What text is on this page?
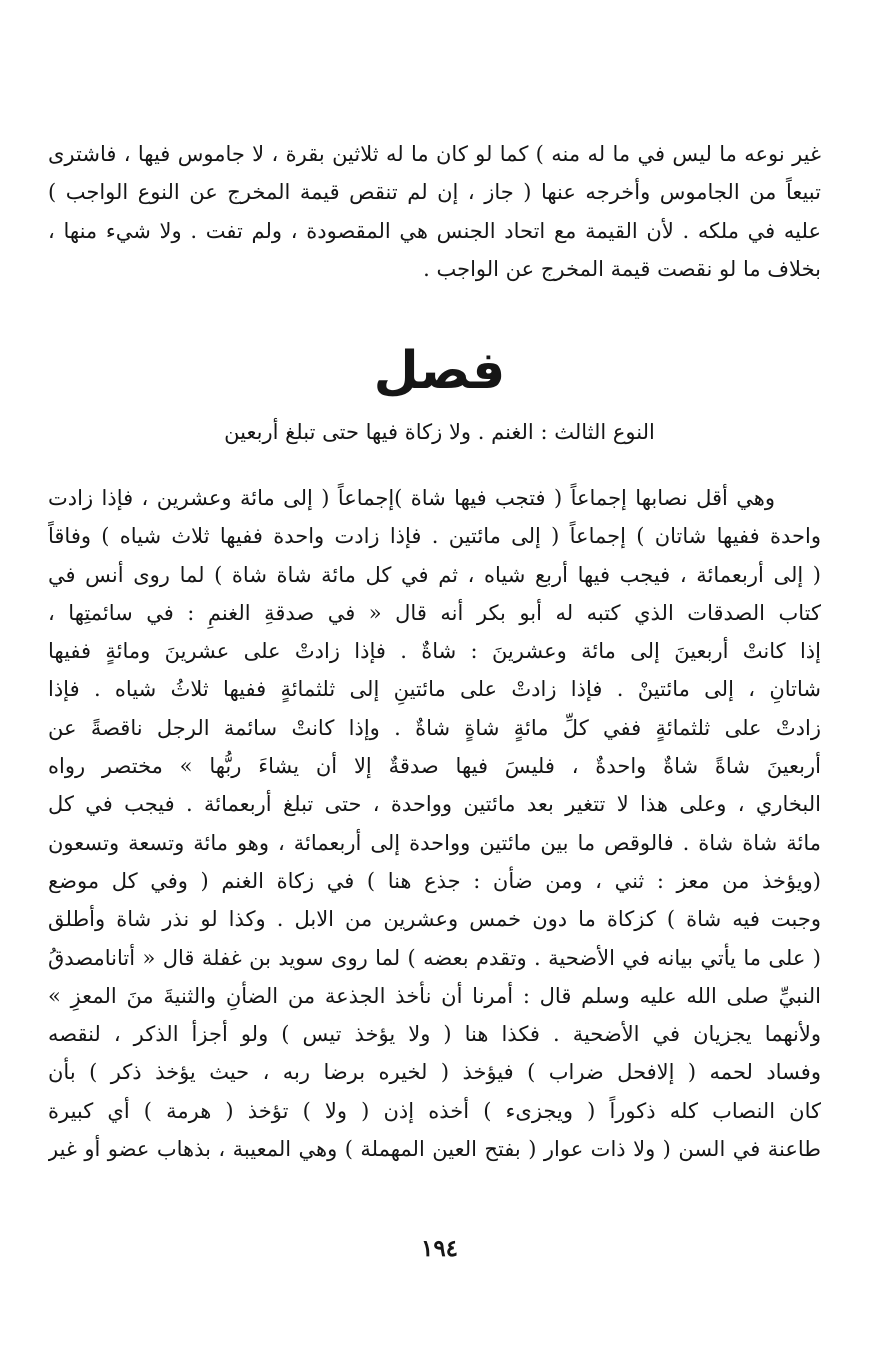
غير نوعه ما ليس في ما له منه ) كما لو كان ما له ثلاثين بقرة ، لا جاموس فيها ، فاشترى
تبيعاً من الجاموس وأخرجه عنها ( جاز ، إن لم تنقص قيمة المخرج عن النوع الواجب )
عليه في ملكه . لأن القيمة مع اتحاد الجنس هي المقصودة ، ولم تفت . ولا شيء منها ،
بخلاف ما لو نقصت قيمة المخرج عن الواجب .
فصل
النوع الثالث : الغنم . ولا زكاة فيها حتى تبلغ أربعين
وهي أقل نصابها إجماعاً ( فتجب فيها شاة )إجماعاً ( إلى مائة وعشرين ، فإذا زادت
واحدة ففيها شاتان ) إجماعاً ( إلى مائتين . فإذا زادت واحدة ففيها ثلاث شياه ) وفاقاً
( إلى أربعمائة ، فيجب فيها أربع شياه ، ثم في كل مائة شاة شاة ) لما روى أنس في
كتاب الصدقات الذي كتبه له أبو بكر أنه قال « في صدقةِ الغنمِ : في سائمتِها ،
إذا كانتْ أربعينَ إلى مائة وعشرينَ : شاةٌ . فإذا زادتْ على عشرينَ ومائةٍ ففيها
شاتانِ ، إلى مائتينْ . فإذا زادتْ على مائتينِ إلى ثلثمائةٍ ففيها ثلاثُ شياه . فإذا
زادتْ على ثلثمائةٍ ففي كلِّ مائةٍ شاةٍ شاةٌ . وإذا كانتْ سائمة الرجل ناقصةً عن
أربعينَ شاةً شاةٌ واحدةٌ ، فليسَ فيها صدقةٌ إلا أن يشاءَ ربُّها » مختصر رواه
البخاري ، وعلى هذا لا تتغير بعد مائتين وواحدة ، حتى تبلغ أربعمائة . فيجب في كل
مائة شاة شاة . فالوقص ما بين مائتين وواحدة إلى أربعمائة ، وهو مائة وتسعة وتسعون
(ويؤخذ من معز : ثني ، ومن ضأن : جذع هنا ) في زكاة الغنم ( وفي كل موضع
وجبت فيه شاة ) كزكاة ما دون خمس وعشرين من الابل . وكذا لو نذر شاة وأطلق
( على ما يأتي بيانه في الأضحية . وتقدم بعضه ) لما روى سويد بن غفلة قال « أتانامصدقُ
النبيِّ صلى الله عليه وسلم قال : أمرنا أن نأخذ الجذعة من الضأنِ والثنيةَ منَ المعزِ »
ولأنهما يجزيان في الأضحية . فكذا هنا ( ولا يؤخذ تيس ) ولو أجزأ الذكر ، لنقصه
وفساد لحمه ( إلافحل ضراب ) فيؤخذ ( لخيره برضا ربه ، حيث يؤخذ ذكر ) بأن
كان النصاب كله ذكوراً ( ويجزىء ) أخذه إذن ( ولا ) تؤخذ ( هرمة ) أي كبيرة
طاعنة في السن ( ولا ذات عوار ( بفتح العين المهملة ) وهي المعيبة ، بذهاب عضو أو غير
١٩٤
